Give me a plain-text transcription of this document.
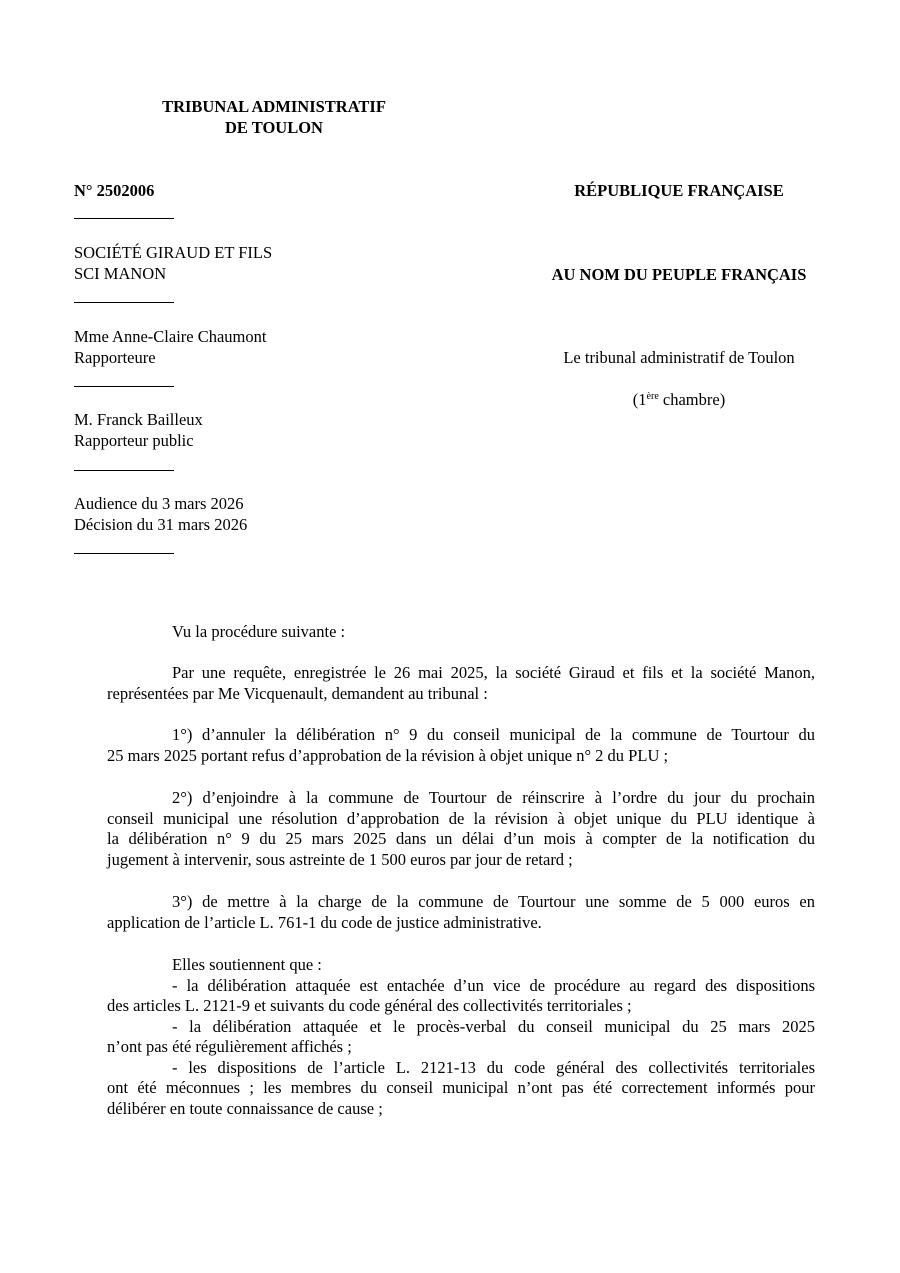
TRIBUNAL ADMINISTRATIF
DE TOULON
N° 2502006	RÉPUBLIQUE FRANÇAISE
SOCIÉTÉ GIRAUD ET FILS
SCI MANON	AU NOM DU PEUPLE FRANÇAIS
Mme Anne-Claire Chaumont
Rapporteure	Le tribunal administratif de Toulon
(1ère chambre)
M. Franck Bailleux
Rapporteur public
Audience du 3 mars 2026
Décision du 31 mars 2026
Vu la procédure suivante :
Par une requête, enregistrée le 26 mai 2025, la société Giraud et fils et la société Manon,
représentées par Me Vicquenault, demandent au tribunal :
1°) d’annuler la délibération n° 9 du conseil municipal de la commune de Tourtour du
25 mars 2025 portant refus d’approbation de la révision à objet unique n° 2 du PLU ;
2°) d’enjoindre à la commune de Tourtour de réinscrire à l’ordre du jour du prochain
conseil municipal une résolution d’approbation de la révision à objet unique du PLU identique à
la délibération n° 9 du 25 mars 2025 dans un délai d’un mois à compter de la notification du
jugement à intervenir, sous astreinte de 1 500 euros par jour de retard ;
3°) de mettre à la charge de la commune de Tourtour une somme de 5 000 euros en
application de l’article L. 761-1 du code de justice administrative.
Elles soutiennent que :
- la délibération attaquée est entachée d’un vice de procédure au regard des dispositions
des articles L. 2121-9 et suivants du code général des collectivités territoriales ;
- la délibération attaquée et le procès-verbal du conseil municipal du 25 mars 2025
n’ont pas été régulièrement affichés ;
- les dispositions de l’article L. 2121-13 du code général des collectivités territoriales
ont été méconnues ; les membres du conseil municipal n’ont pas été correctement informés pour
délibérer en toute connaissance de cause ;
